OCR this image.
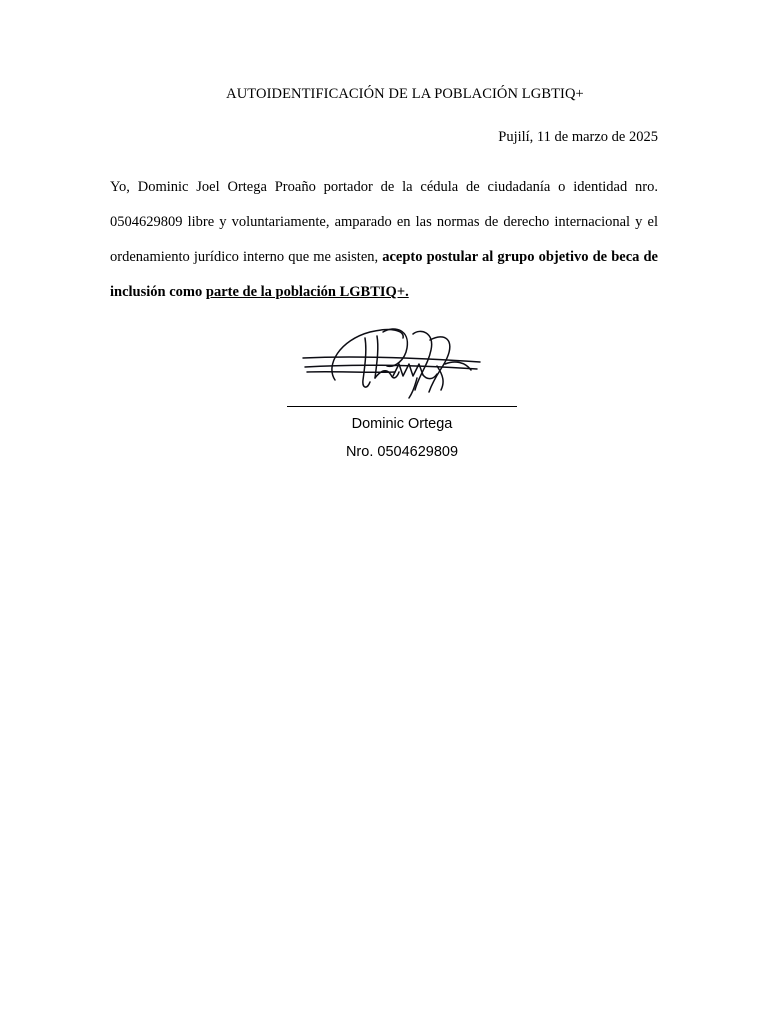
AUTOIDENTIFICACIÓN DE LA POBLACIÓN LGBTIQ+
Pujilí, 11 de marzo de 2025

Yo, Dominic Joel Ortega Proaño portador de la cédula de ciudadanía o identidad nro. 0504629809 libre y voluntariamente, amparado en las normas de derecho internacional y el ordenamiento jurídico interno que me asisten, acepto postular al grupo objetivo de beca de inclusión como parte de la población LGBTIQ+.

Dominic Ortega
Nro. 0504629809
